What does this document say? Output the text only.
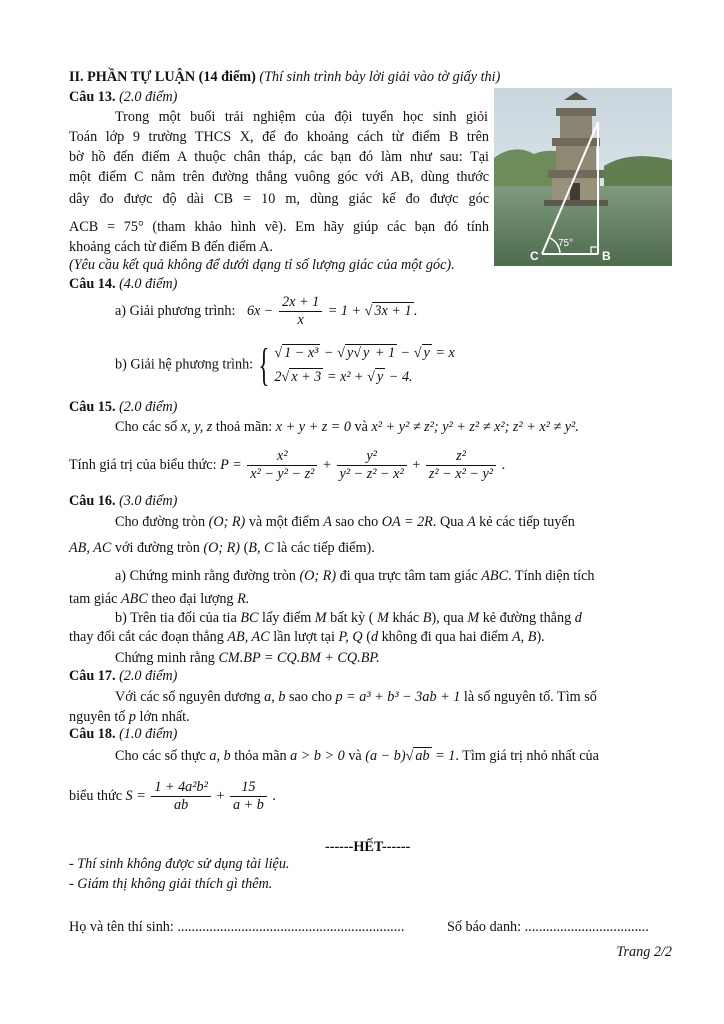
II. PHẦN TỰ LUẬN (14 điểm) (Thí sinh trình bày lời giải vào tờ giấy thi)
Câu 13. (2.0 điểm)
Trong một buổi trải nghiệm của đội tuyển học sinh giỏi
Toán lớp 9 trường THCS X, để đo khoảng cách từ điểm B trên
bờ hồ đến điểm A thuộc chân tháp, các bạn đó làm như sau: Tại
một điểm C nằm trên đường thẳng vuông góc với AB, dùng thước
dây đo được độ dài CB = 10 m, dùng giác kế đo được góc
ACB = 75° (tham khảo hình vẽ). Em hãy giúp các bạn đó tính
khoảng cách từ điểm B đến điểm A.
(Yêu cầu kết quả không để dưới dạng tỉ số lượng giác của một góc).
Câu 14. (4.0 điểm)
a) Giải phương trình: $6x - \frac{2x + 1}{x} = 1$ + √ 3x + 1 .
b) Giải hệ phương trình: { √ 1 − x³ − √ y√ y + 1 − √ y = x
2√ x + 3 = x² + √ y − 4.
Câu 15. (2.0 điểm)
Cho các số x, y, z thoả mãn: x + y + z = 0 và x² + y² ≠ z²; y² + z² ≠ x²; z² + x² ≠ y².
Tính giá trị của biểu thức: $P = \frac{\text{x²}}{\text{x² − y² − z²}} + \frac{\text{y²}}{\text{y² − z² − x²}} + \frac{\text{z²}}{\text{z² − x² − y²}}$ .
Câu 16. (3.0 điểm)
Cho đường tròn (O; R) và một điểm A sao cho OA = 2R. Qua A kẻ các tiếp tuyến
AB, AC với đường tròn (O; R) (B, C là các tiếp điểm).
a) Chứng minh rằng đường tròn (O; R) đi qua trực tâm tam giác ABC. Tính diện tích
tam giác ABC theo đại lượng R.
b) Trên tia đối của tia BC lấy điểm M bất kỳ ( M khác B), qua M kẻ đường thẳng d
thay đổi cắt các đoạn thẳng AB, AC lần lượt tại P, Q (d không đi qua hai điểm A, B).
Chứng minh rằng CM.BP = CQ.BM + CQ.BP.
Câu 17. (2.0 điểm)
Với các số nguyên dương a, b sao cho p = a³ + b³ − 3ab + 1 là số nguyên tố. Tìm số
nguyên tố p lớn nhất.
Câu 18. (1.0 điểm)
Cho các số thực a, b thỏa mãn a > b > 0 và (a − b)√ ab = 1. Tìm giá trị nhỏ nhất của
biểu thức $S = \frac{\text{1 + 4a²b²}}{ab} + \frac{15}{a + b}$ .
------HẾT------
- Thí sinh không được sử dụng tài liệu.
- Giám thị không giải thích gì thêm.
Họ và tên thí sinh: ................................................................	Số báo danh: ...................................
C	B
75°
Trang 2/2
